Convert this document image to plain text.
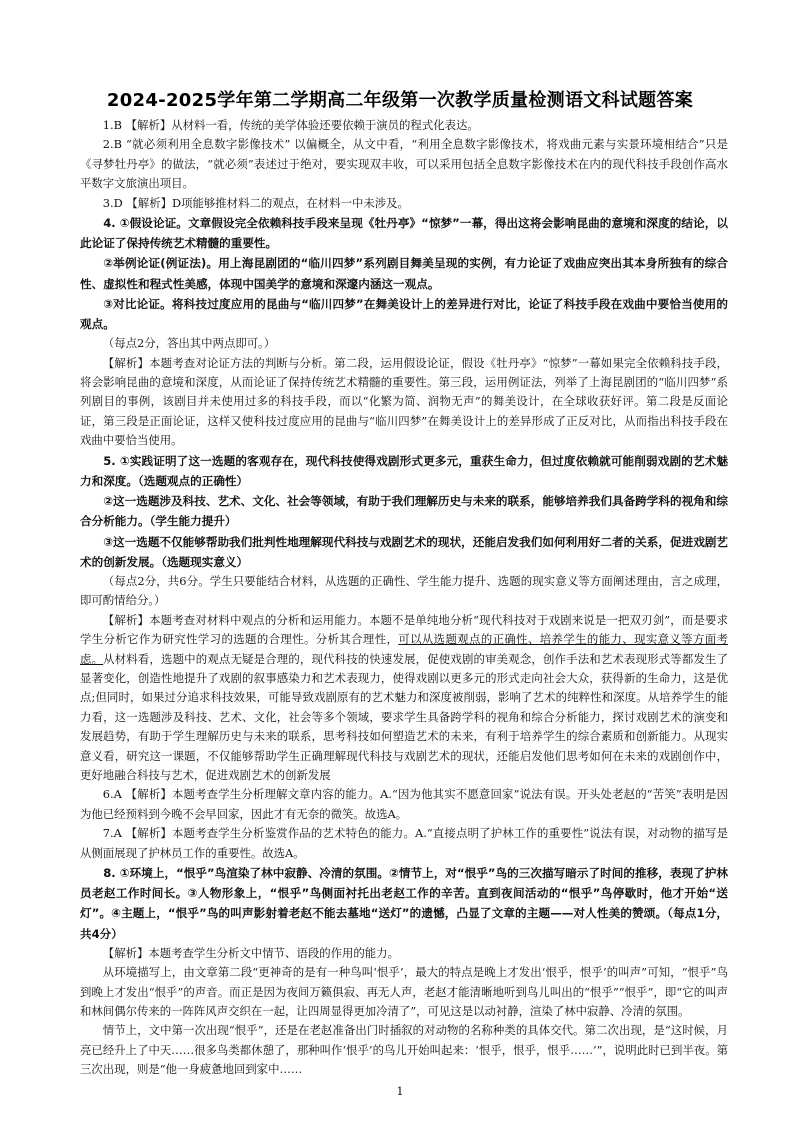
2024-2025学年第二学期高二年级第一次教学质量检测语文科试题答案

1.B 【解析】从材料一看，传统的美学体验还要依赖于演员的程式化表达。

2.B “就必须利用全息数字影像技术” 以偏概全，从文中看，“利用全息数字影像技术，将戏曲元素与实景环境相结合”只是《寻梦牡丹亭》的做法，“就必须”表述过于绝对，要实现双丰收，可以采用包括全息数字影像技术在内的现代科技手段创作高水平数字文旅演出项目。

3.D 【解析】D项能够推材料二的观点，在材料一中未涉及。

4. ①假设论证。文章假设完全依赖科技手段来呈现《牡丹亭》“惊梦”一幕，得出这将会影响昆曲的意境和深度的结论，以此论证了保持传统艺术精髓的重要性。

②举例论证(例证法)。用上海昆剧团的“临川四梦”系列剧目舞美呈现的实例，有力论证了戏曲应突出其本身所独有的综合性、虚拟性和程式性美感，体现中国美学的意境和深邃内涵这一观点。

③对比论证。将科技过度应用的昆曲与“临川四梦”在舞美设计上的差异进行对比，论证了科技手段在戏曲中要恰当使用的观点。

（每点2分，答出其中两点即可。）

【解析】本题考查对论证方法的判断与分析。第二段，运用假设论证，假设《牡丹亭》“惊梦”一幕如果完全依赖科技手段，将会影响昆曲的意境和深度，从而论证了保持传统艺术精髓的重要性。第三段，运用例证法，列举了上海昆剧团的“临川四梦”系列剧目的事例，该剧目并未使用过多的科技手段，而以“化繁为简、润物无声”的舞美设计，在全球收获好评。第二段是反面论证，第三段是正面论证，这样又使科技过度应用的昆曲与“临川四梦”在舞美设计上的差异形成了正反对比，从而指出科技手段在戏曲中要恰当使用。

5. ①实践证明了这一选题的客观存在，现代科技使得戏剧形式更多元，重获生命力，但过度依赖就可能削弱戏剧的艺术魅力和深度。（选题观点的正确性）

②这一选题涉及科技、艺术、文化、社会等领域，有助于我们理解历史与未来的联系，能够培养我们具备跨学科的视角和综合分析能力。（学生能力提升）

③这一选题不仅能够帮助我们批判性地理解现代科技与戏剧艺术的现状，还能启发我们如何利用好二者的关系，促进戏剧艺术的创新发展。（选题现实意义）

（每点2分，共6分。学生只要能结合材料，从选题的正确性、学生能力提升、选题的现实意义等方面阐述理由，言之成理，即可酌情给分。）

【解析】本题考查对材料中观点的分析和运用能力。本题不是单纯地分析“现代科技对于戏剧来说是一把双刃剑”，而是要求学生分析它作为研究性学习的选题的合理性。分析其合理性，可以从选题观点的正确性、培养学生的能力、现实意义等方面考虑。从材料看，选题中的观点无疑是合理的，现代科技的快速发展，促使戏剧的审美观念，创作手法和艺术表现形式等都发生了显著变化，创造性地提升了戏剧的叙事感染力和艺术表现力，使得戏剧以更多元的形式走向社会大众，获得新的生命力，这是优点;但同时，如果过分追求科技效果，可能导致戏剧原有的艺术魅力和深度被削弱，影响了艺术的纯粹性和深度。从培养学生的能力看，这一选题涉及科技、艺术、文化，社会等多个领域，要求学生具备跨学科的视角和综合分析能力，探讨戏剧艺术的演变和发展趋势，有助于学生理解历史与未来的联系，思考科技如何塑造艺术的未来，有利于培养学生的综合素质和创新能力。从现实意义看，研究这一课题，不仅能够帮助学生正确理解现代科技与戏剧艺术的现状，还能启发他们思考如何在未来的戏剧创作中，更好地融合科技与艺术，促进戏剧艺术的创新发展

6.A 【解析】本题考查学生分析理解文章内容的能力。A.“因为他其实不愿意回家”说法有误。开头处老赵的“苦笑”表明是因为他已经预料到今晚不会早回家，因此才有无奈的微笑。故选A。

7.A 【解析】本题考查学生分析鉴赏作品的艺术特色的能力。A.“直接点明了护林工作的重要性”说法有误，对动物的描写是从侧面展现了护林员工作的重要性。故选A。

8. ①环境上，“恨乎”鸟渲染了林中寂静、冷清的氛围。②情节上，对“恨乎”鸟的三次描写暗示了时间的推移，表现了护林员老赵工作时间长。③人物形象上，“恨乎”鸟侧面衬托出老赵工作的辛苦。直到夜间活动的“恨乎”鸟停歇时，他才开始“送灯”。④主题上，“恨乎”鸟的叫声影射着老赵不能去墓地“送灯”的遗憾，凸显了文章的主题——对人性美的赞颂。（每点1分，共4分）

【解析】本题考查学生分析文中情节、语段的作用的能力。

从环境描写上，由文章第二段“更神奇的是有一种鸟叫‘恨乎’，最大的特点是晚上才发出‘恨乎，恨乎’的叫声”可知，“恨乎”鸟到晚上才发出“恨乎”的声音。而正是因为夜间万籁俱寂、再无人声，老赵才能清晰地听到鸟儿叫出的“恨乎”“恨乎”，即“它的叫声和林间偶尔传来的一阵阵风声交织在一起，让四周显得更加冷清了”，可见这是以动衬静，渲染了林中寂静、冷清的氛围。

情节上，文中第一次出现“恨乎”，还是在老赵准备出门时插叙的对动物的名称种类的具体交代。第二次出现，是“这时候，月亮已经升上了中天……很多鸟类都休憩了，那种叫作‘恨乎’的鸟儿开始叫起来：‘恨乎，恨乎，恨乎……’”，说明此时已到半夜。第三次出现，则是“他一身疲惫地回到家中……

1
